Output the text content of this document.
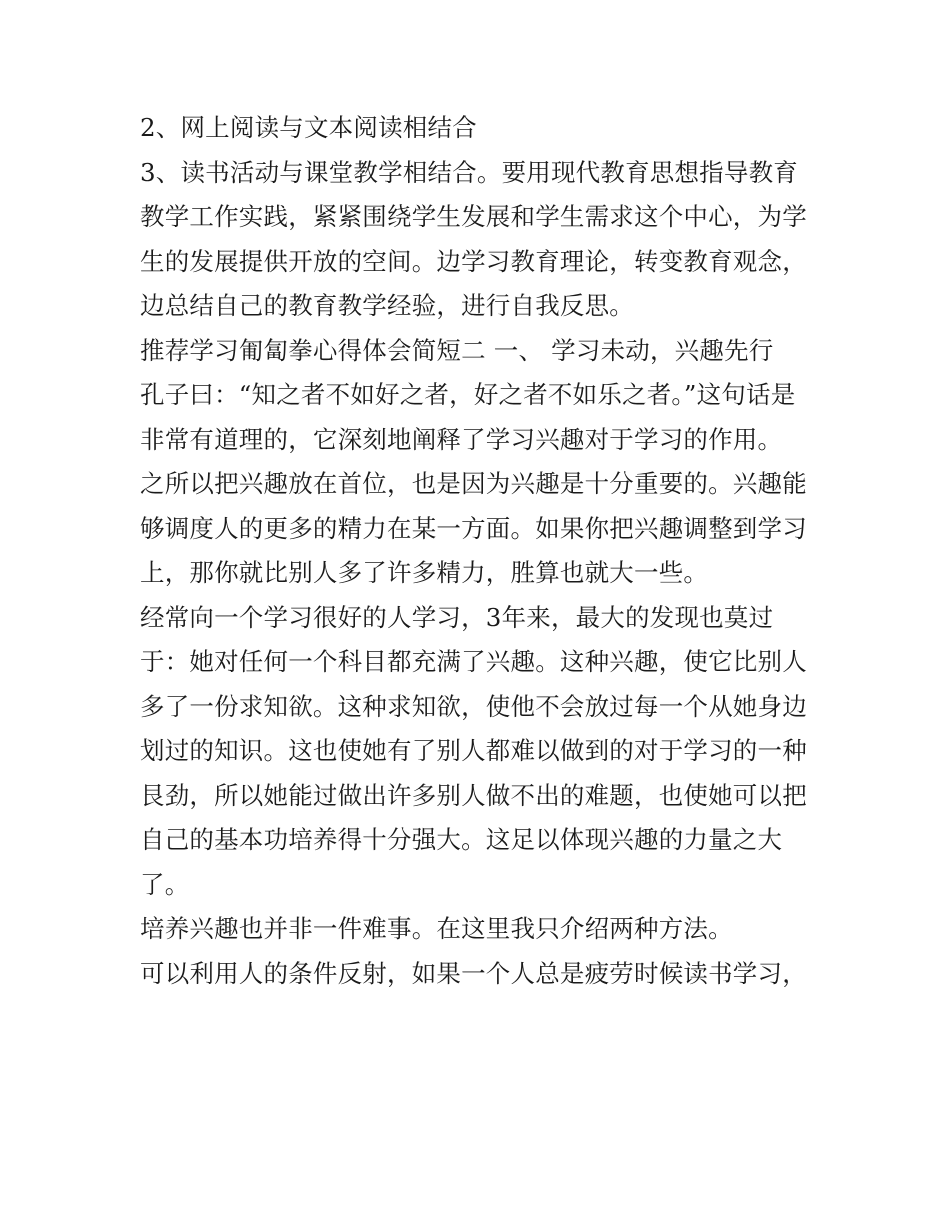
2、网上阅读与文本阅读相结合
3、读书活动与课堂教学相结合。要用现代教育思想指导教育
教学工作实践，紧紧围绕学生发展和学生需求这个中心，为学
生的发展提供开放的空间。边学习教育理论，转变教育观念，
边总结自己的教育教学经验，进行自我反思。
推荐学习匍匐拳心得体会简短二 一、 学习未动，兴趣先行
孔子曰：“知之者不如好之者，好之者不如乐之者。”这句话是
非常有道理的，它深刻地阐释了学习兴趣对于学习的作用。
之所以把兴趣放在首位，也是因为兴趣是十分重要的。兴趣能
够调度人的更多的精力在某一方面。如果你把兴趣调整到学习
上，那你就比别人多了许多精力，胜算也就大一些。
经常向一个学习很好的人学习，3年来，最大的发现也莫过
于：她对任何一个科目都充满了兴趣。这种兴趣，使它比别人
多了一份求知欲。这种求知欲，使他不会放过每一个从她身边
划过的知识。这也使她有了别人都难以做到的对于学习的一种
艮劲，所以她能过做出许多别人做不出的难题，也使她可以把
自己的基本功培养得十分强大。这足以体现兴趣的力量之大
了。
培养兴趣也并非一件难事。在这里我只介绍两种方法。
可以利用人的条件反射，如果一个人总是疲劳时候读书学习，
